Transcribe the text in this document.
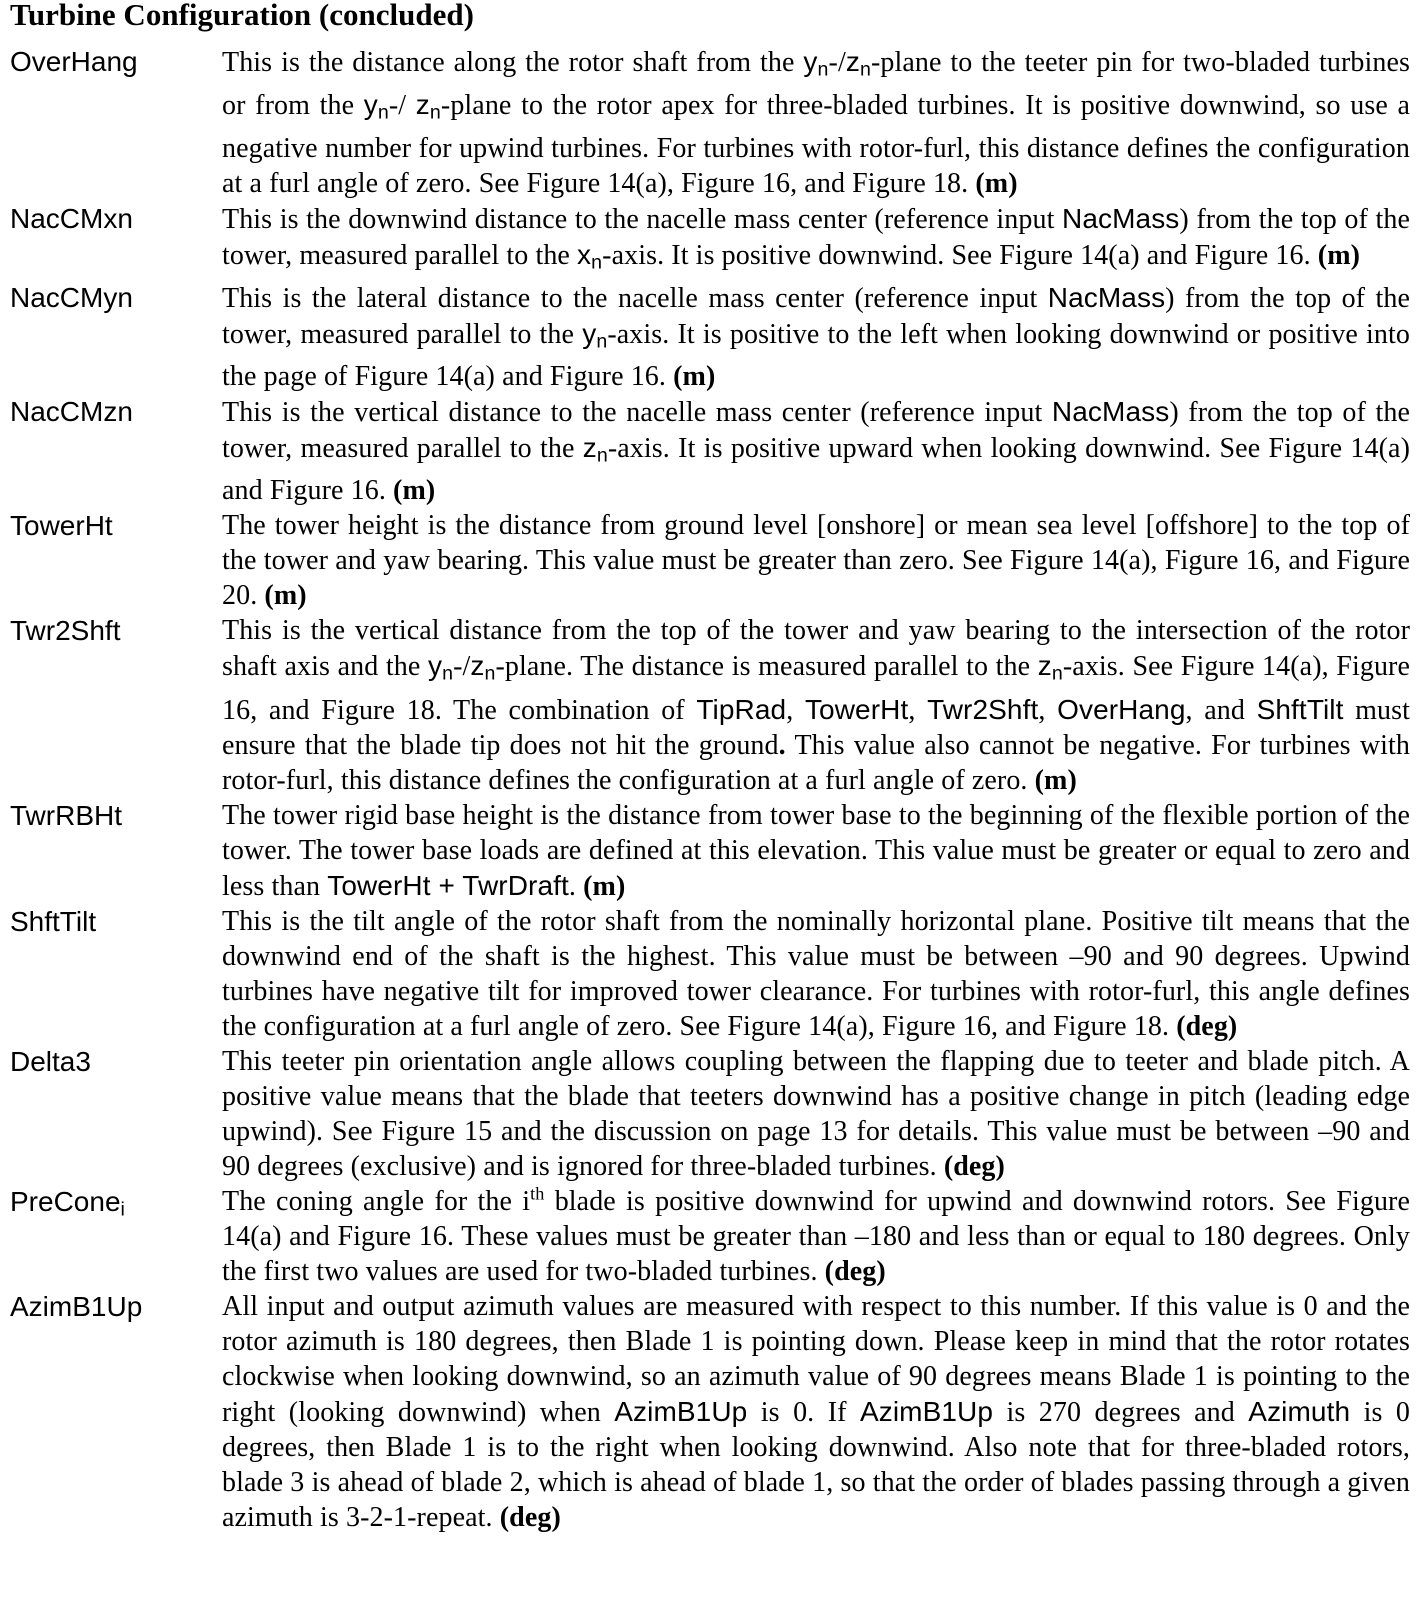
Turbine Configuration (concluded)
OverHang	This is the distance along the rotor shaft from the yn-/zn-plane to the teeter pin for two-bladed turbines or from the yn-/ zn-plane to the rotor apex for three-bladed turbines. It is positive downwind, so use a negative number for upwind turbines. For turbines with rotor-furl, this distance defines the configuration at a furl angle of zero. See Figure 14(a), Figure 16, and Figure 18. (m)
NacCMxn	This is the downwind distance to the nacelle mass center (reference input NacMass) from the top of the tower, measured parallel to the xn-axis. It is positive downwind. See Figure 14(a) and Figure 16. (m)
NacCMyn	This is the lateral distance to the nacelle mass center (reference input NacMass) from the top of the tower, measured parallel to the yn-axis. It is positive to the left when looking downwind or positive into the page of Figure 14(a) and Figure 16. (m)
NacCMzn	This is the vertical distance to the nacelle mass center (reference input NacMass) from the top of the tower, measured parallel to the zn-axis. It is positive upward when looking downwind. See Figure 14(a) and Figure 16. (m)
TowerHt	The tower height is the distance from ground level [onshore] or mean sea level [offshore] to the top of the tower and yaw bearing. This value must be greater than zero. See Figure 14(a), Figure 16, and Figure 20. (m)
Twr2Shft	This is the vertical distance from the top of the tower and yaw bearing to the intersection of the rotor shaft axis and the yn-/zn-plane. The distance is measured parallel to the zn-axis. See Figure 14(a), Figure 16, and Figure 18. The combination of TipRad, TowerHt, Twr2Shft, OverHang, and ShftTilt must ensure that the blade tip does not hit the ground. This value also cannot be negative. For turbines with rotor-furl, this distance defines the configuration at a furl angle of zero. (m)
TwrRBHt	The tower rigid base height is the distance from tower base to the beginning of the flexible portion of the tower. The tower base loads are defined at this elevation. This value must be greater or equal to zero and less than TowerHt + TwrDraft. (m)
ShftTilt	This is the tilt angle of the rotor shaft from the nominally horizontal plane. Positive tilt means that the downwind end of the shaft is the highest. This value must be between –90 and 90 degrees. Upwind turbines have negative tilt for improved tower clearance. For turbines with rotor-furl, this angle defines the configuration at a furl angle of zero. See Figure 14(a), Figure 16, and Figure 18. (deg)
Delta3	This teeter pin orientation angle allows coupling between the flapping due to teeter and blade pitch. A positive value means that the blade that teeters downwind has a positive change in pitch (leading edge upwind). See Figure 15 and the discussion on page 13 for details. This value must be between –90 and 90 degrees (exclusive) and is ignored for three-bladed turbines. (deg)
PreConei	The coning angle for the $i^{th}$ blade is positive downwind for upwind and downwind rotors. See Figure 14(a) and Figure 16. These values must be greater than –180 and less than or equal to 180 degrees. Only the first two values are used for two-bladed turbines. (deg)
AzimB1Up	All input and output azimuth values are measured with respect to this number. If this value is 0 and the rotor azimuth is 180 degrees, then Blade 1 is pointing down. Please keep in mind that the rotor rotates clockwise when looking downwind, so an azimuth value of 90 degrees means Blade 1 is pointing to the right (looking downwind) when AzimB1Up is 0. If AzimB1Up is 270 degrees and Azimuth is 0 degrees, then Blade 1 is to the right when looking downwind. Also note that for three-bladed rotors, blade 3 is ahead of blade 2, which is ahead of blade 1, so that the order of blades passing through a given azimuth is 3-2-1-repeat. (deg)
